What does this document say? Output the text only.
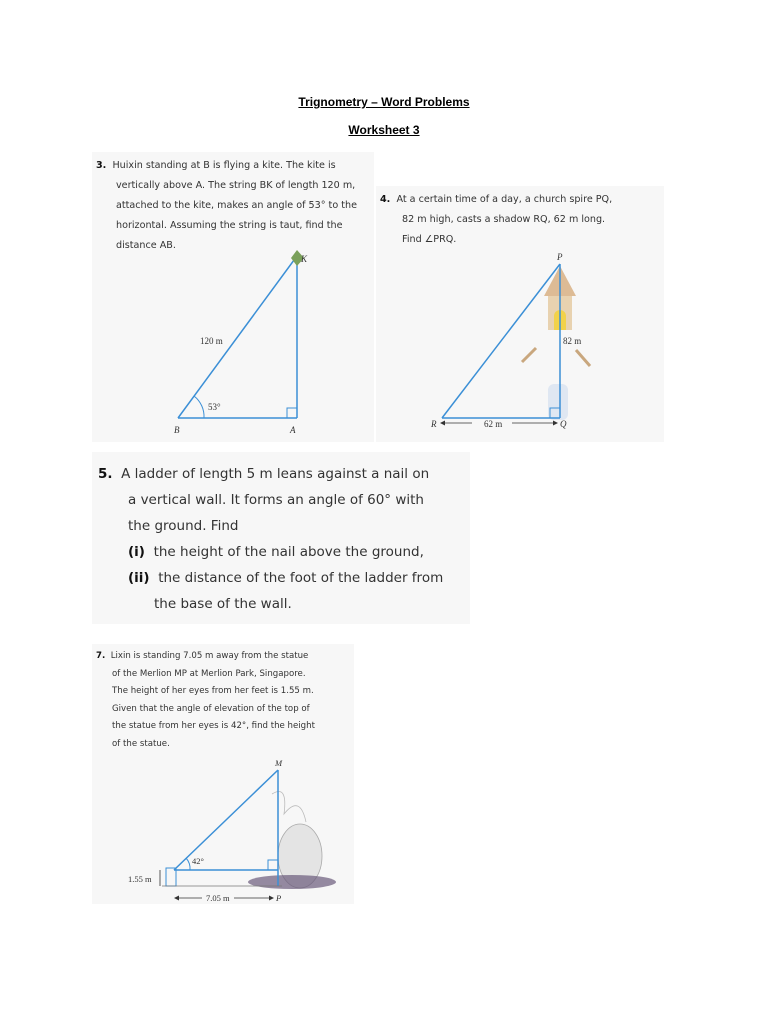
Trignometry – Word Problems
Worksheet 3
3. Huixin standing at B is flying a kite. The kite is
vertically above A. The string BK of length 120 m,
attached to the kite, makes an angle of 53° to the
horizontal. Assuming the string is taut, find the
distance AB.
120 m
53°
B	A
K
4. At a certain time of a day, a church spire PQ,
82 m high, casts a shadow RQ, 62 m long.
Find ∠PRQ.
P
82 m
R	62 m	Q
5. A ladder of length 5 m leans against a nail on
a vertical wall. It forms an angle of 60° with
the ground. Find
(i) the height of the nail above the ground,
(ii) the distance of the foot of the ladder from
the base of the wall.
7. Lixin is standing 7.05 m away from the statue
of the Merlion MP at Merlion Park, Singapore.
The height of her eyes from her feet is 1.55 m.
Given that the angle of elevation of the top of
the statue from her eyes is 42°, find the height
of the statue.
M
42°
1.55 m
7.05 m	P
